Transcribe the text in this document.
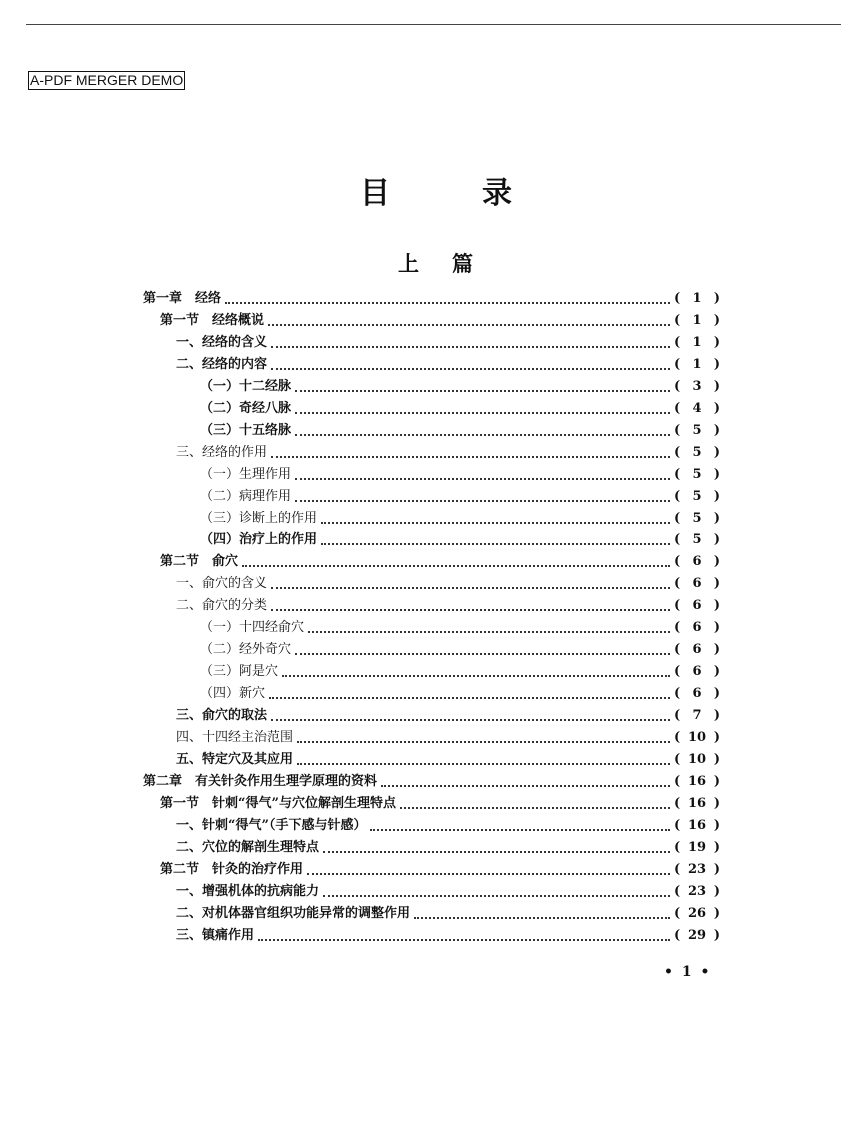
A-PDF MERGER DEMO
目	录
上 篇
第一章　经络	( 1 )
第一节　经络概说	( 1 )
一、经络的含义	( 1 )
二、经络的内容	( 1 )
（一）十二经脉	( 3 )
（二）奇经八脉	( 4 )
（三）十五络脉	( 5 )
三、经络的作用	( 5 )
（一）生理作用	( 5 )
（二）病理作用	( 5 )
（三）诊断上的作用	( 5 )
（四）治疗上的作用	( 5 )
第二节　俞穴	( 6 )
一、俞穴的含义	( 6 )
二、俞穴的分类	( 6 )
（一）十四经俞穴	( 6 )
（二）经外奇穴	( 6 )
（三）阿是穴	( 6 )
（四）新穴	( 6 )
三、俞穴的取法	( 7 )
四、十四经主治范围	( 10 )
五、特定穴及其应用	( 10 )
第二章　有关针灸作用生理学原理的资料	( 16 )
第一节　针刺“得气”与穴位解剖生理特点	( 16 )
一、针刺“得气”（手下感与针感）	( 16 )
二、穴位的解剖生理特点	( 19 )
第二节　针灸的治疗作用	( 23 )
一、增强机体的抗病能力	( 23 )
二、对机体器官组织功能异常的调整作用	( 26 )
三、镇痛作用	( 29 )
• 1 •
